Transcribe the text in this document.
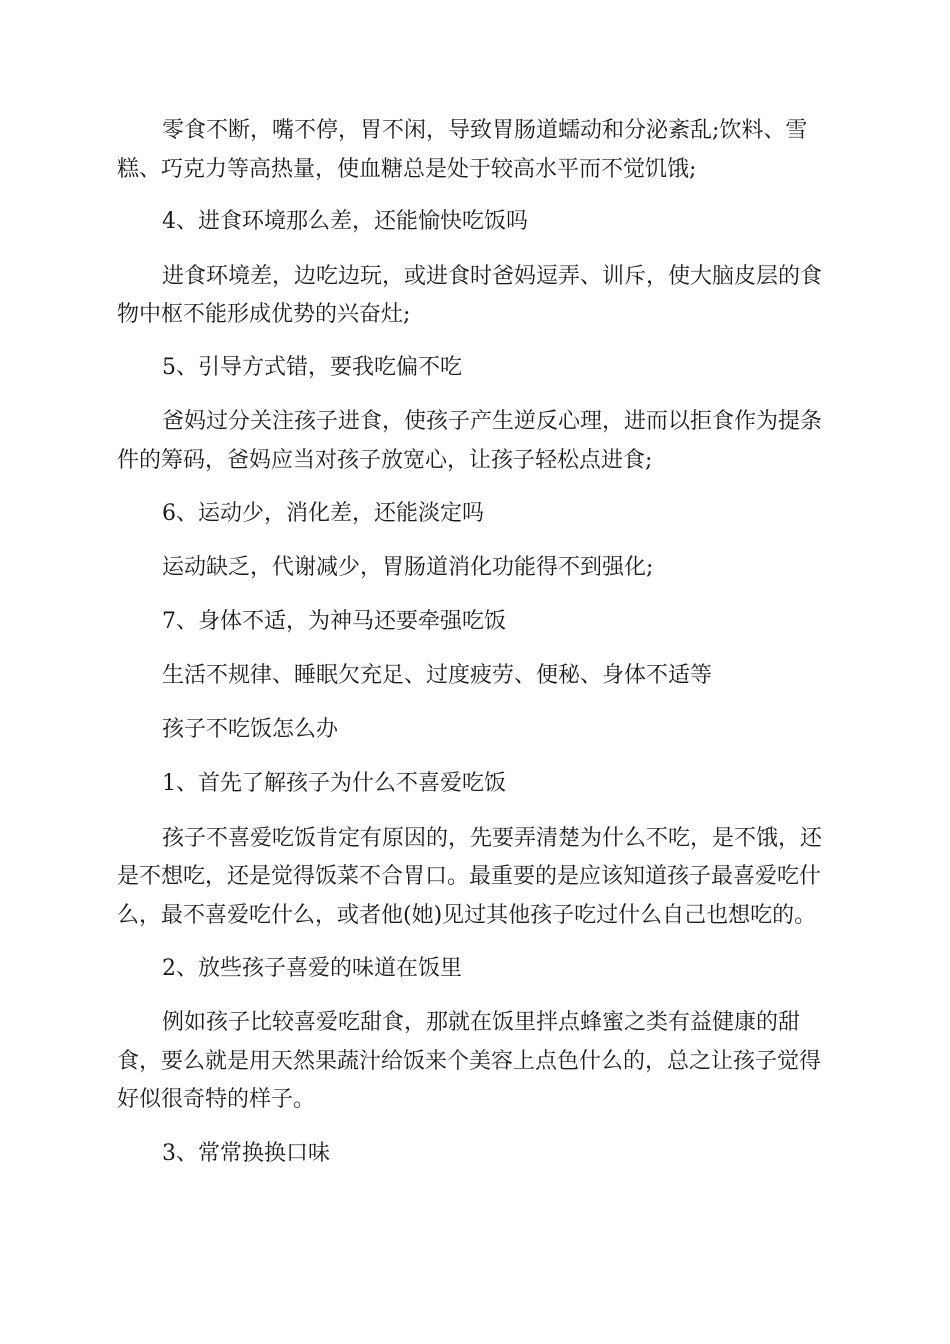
零食不断，嘴不停，胃不闲，导致胃肠道蠕动和分泌紊乱;饮料、雪
糕、巧克力等高热量，使血糖总是处于较高水平而不觉饥饿;
4、进食环境那么差，还能愉快吃饭吗
进食环境差，边吃边玩，或进食时爸妈逗弄、训斥，使大脑皮层的食
物中枢不能形成优势的兴奋灶;
5、引导方式错，要我吃偏不吃
爸妈过分关注孩子进食，使孩子产生逆反心理，进而以拒食作为提条
件的筹码，爸妈应当对孩子放宽心，让孩子轻松点进食;
6、运动少，消化差，还能淡定吗
运动缺乏，代谢减少，胃肠道消化功能得不到强化;
7、身体不适，为神马还要牵强吃饭
生活不规律、睡眠欠充足、过度疲劳、便秘、身体不适等
孩子不吃饭怎么办
1、首先了解孩子为什么不喜爱吃饭
孩子不喜爱吃饭肯定有原因的，先要弄清楚为什么不吃，是不饿，还
是不想吃，还是觉得饭菜不合胃口。最重要的是应该知道孩子最喜爱吃什
么，最不喜爱吃什么，或者他(她)见过其他孩子吃过什么自己也想吃的。
2、放些孩子喜爱的味道在饭里
例如孩子比较喜爱吃甜食，那就在饭里拌点蜂蜜之类有益健康的甜
食，要么就是用天然果蔬汁给饭来个美容上点色什么的，总之让孩子觉得
好似很奇特的样子。
3、常常换换口味
